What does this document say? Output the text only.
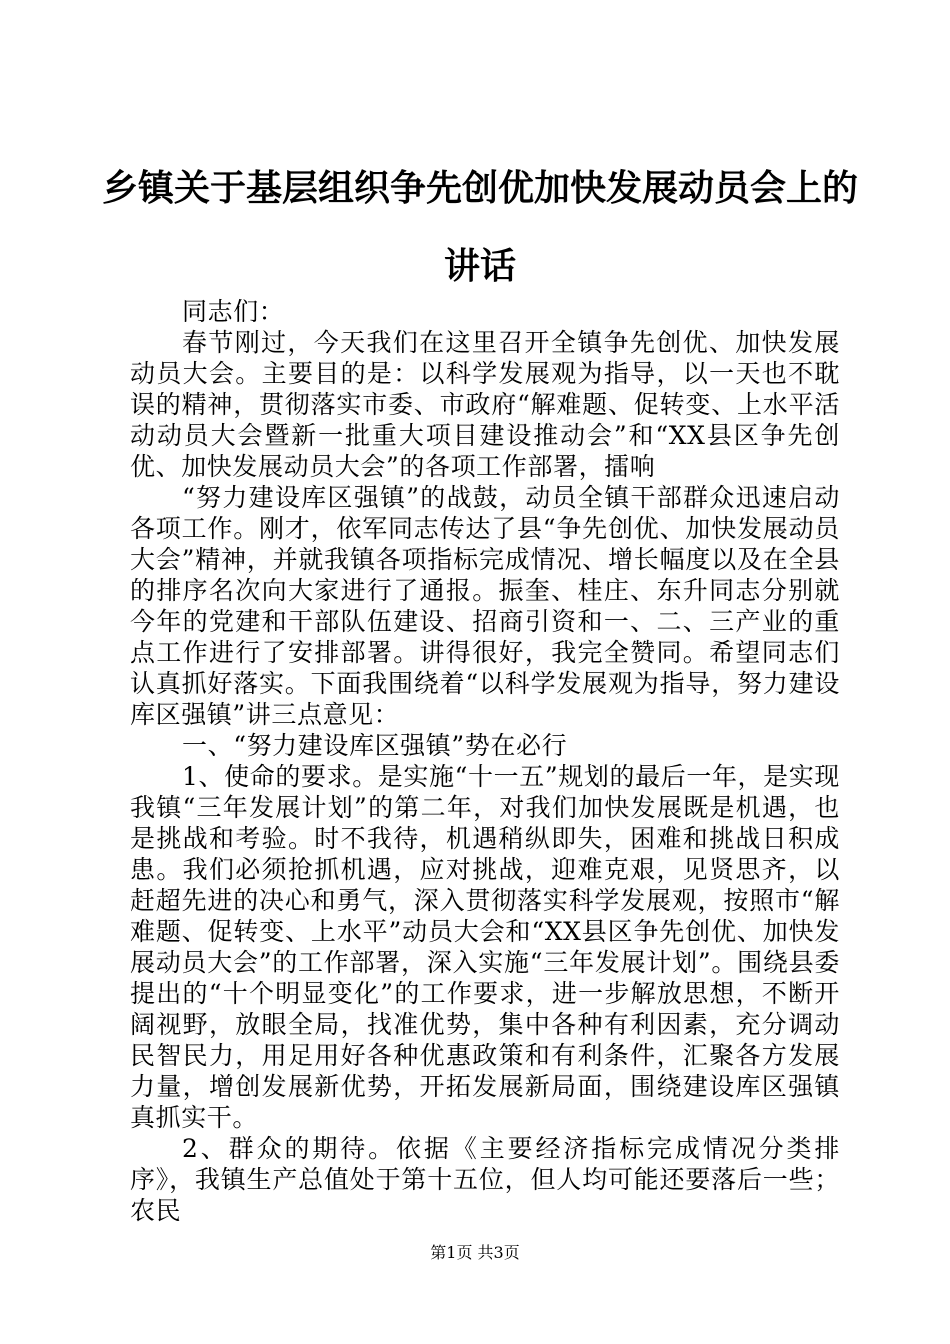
乡镇关于基层组织争先创优加快发展动员会上的讲话

同志们：

春节刚过，今天我们在这里召开全镇争先创优、加快发展动员大会。主要目的是：以科学发展观为指导，以一天也不耽误的精神，贯彻落实市委、市政府“解难题、促转变、上水平活动动员大会暨新一批重大项目建设推动会”和“XX县区争先创优、加快发展动员大会”的各项工作部署，擂响

“努力建设库区强镇”的战鼓，动员全镇干部群众迅速启动各项工作。刚才，依军同志传达了县“争先创优、加快发展动员大会”精神，并就我镇各项指标完成情况、增长幅度以及在全县的排序名次向大家进行了通报。振奎、桂庄、东升同志分别就今年的党建和干部队伍建设、招商引资和一、二、三产业的重点工作进行了安排部署。讲得很好，我完全赞同。希望同志们认真抓好落实。下面我围绕着“以科学发展观为指导，努力建设库区强镇”讲三点意见：

一、“努力建设库区强镇”势在必行

1、使命的要求。是实施“十一五”规划的最后一年，是实现我镇“三年发展计划”的第二年，对我们加快发展既是机遇，也是挑战和考验。时不我待，机遇稍纵即失，困难和挑战日积成患。我们必须抢抓机遇，应对挑战，迎难克艰，见贤思齐，以赶超先进的决心和勇气，深入贯彻落实科学发展观，按照市“解难题、促转变、上水平”动员大会和“XX县区争先创优、加快发展动员大会”的工作部署，深入实施“三年发展计划”。围绕县委提出的“十个明显变化”的工作要求，进一步解放思想，不断开阔视野，放眼全局，找准优势，集中各种有利因素，充分调动民智民力，用足用好各种优惠政策和有利条件，汇聚各方发展力量，增创发展新优势，开拓发展新局面，围绕建设库区强镇真抓实干。

2、群众的期待。依据《主要经济指标完成情况分类排序》，我镇生产总值处于第十五位，但人均可能还要落后一些；农民

第1页 共3页
